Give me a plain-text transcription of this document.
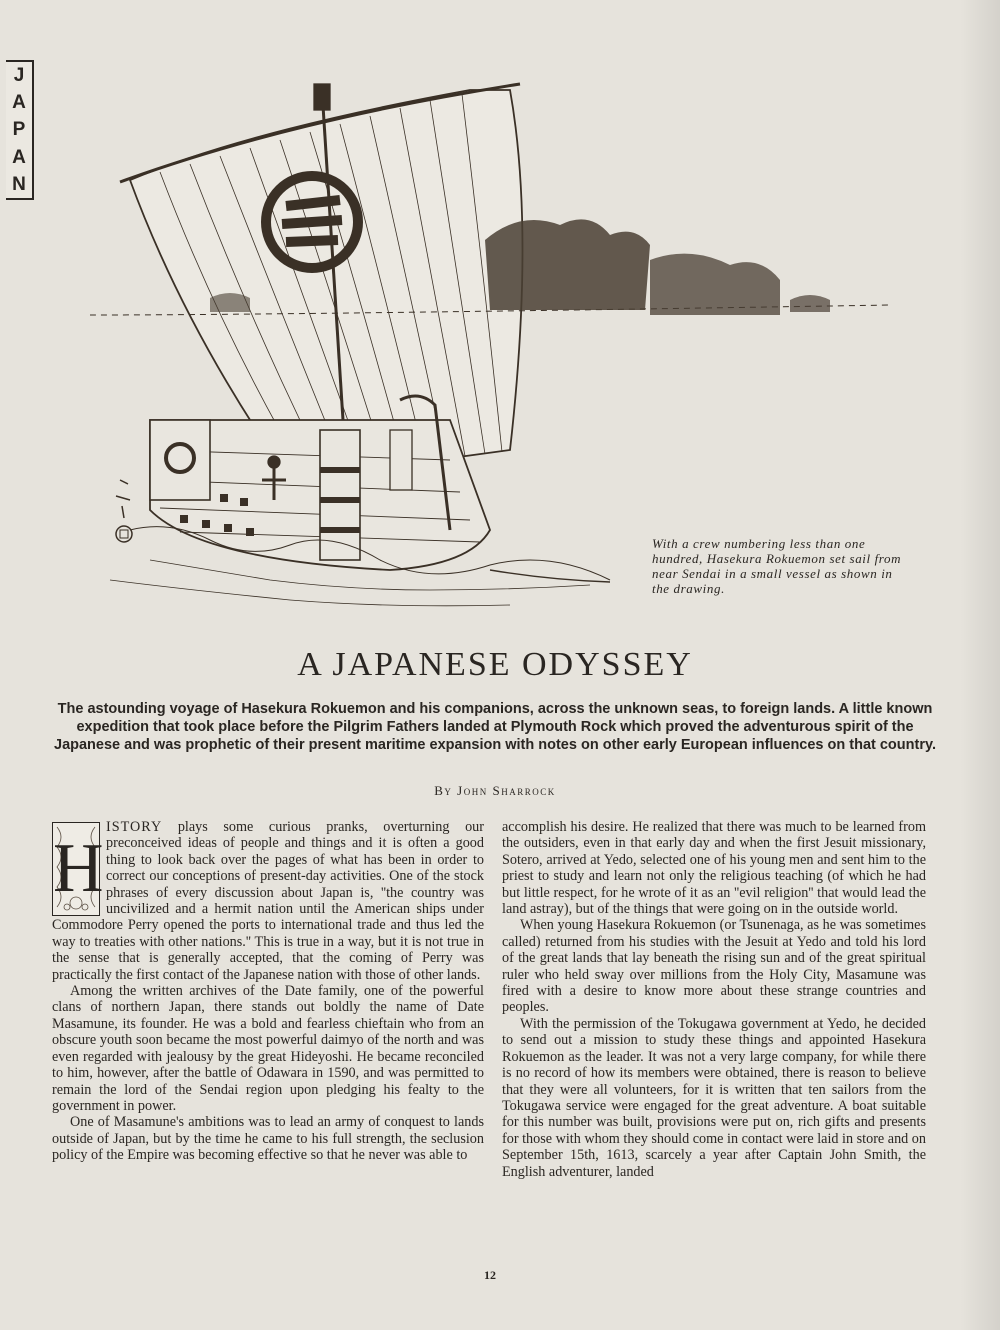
J
A
P
A
N
With a crew numbering less than one hundred, Hasekura Rokuemon set sail from near Sendai in a small vessel as shown in the drawing.
A JAPANESE ODYSSEY
The astounding voyage of Hasekura Rokuemon and his companions, across the unknown seas, to foreign lands. A little known expedition that took place before the Pilgrim Fathers landed at Plymouth Rock which proved the adventurous spirit of the Japanese and was prophetic of their present maritime expansion with notes on other early European influences on that country.
By John Sharrock
H

ISTORY plays some curious pranks, overturning our preconceived ideas of people and things and it is often a good thing to look back over the pages of what has been in order to correct our conceptions of present-day activities. One of the stock phrases of every discussion about Japan is, ''the country was uncivilized and a hermit nation until the American ships under Commodore Perry opened the ports to international trade and thus led the way to treaties with other nations.'' This is true in a way, but it is not true in the sense that is generally accepted, that the coming of Perry was practically the first contact of the Japanese nation with those of other lands.

Among the written archives of the Date family, one of the powerful clans of northern Japan, there stands out boldly the name of Date Masamune, its founder. He was a bold and fearless chieftain who from an obscure youth soon became the most powerful daimyo of the north and was even regarded with jealousy by the great Hideyoshi. He became reconciled to him, however, after the battle of Odawara in 1590, and was permitted to remain the lord of the Sendai region upon pledging his fealty to the government in power.

One of Masamune's ambitions was to lead an army of conquest to lands outside of Japan, but by the time he came to his full strength, the seclusion policy of the Empire was becoming effective so that he never was able to

accomplish his desire. He realized that there was much to be learned from the outsiders, even in that early day and when the first Jesuit missionary, Sotero, arrived at Yedo, selected one of his young men and sent him to the priest to study and learn not only the religious teaching (of which he had but little respect, for he wrote of it as an ''evil religion'' that would lead the land astray), but of the things that were going on in the outside world.

When young Hasekura Rokuemon (or Tsunenaga, as he was sometimes called) returned from his studies with the Jesuit at Yedo and told his lord of the great lands that lay beneath the rising sun and of the great spiritual ruler who held sway over millions from the Holy City, Masamune was fired with a desire to know more about these strange countries and peoples.

With the permission of the Tokugawa government at Yedo, he decided to send out a mission to study these things and appointed Hasekura Rokuemon as the leader. It was not a very large company, for while there is no record of how its members were obtained, there is reason to believe that they were all volunteers, for it is written that ten sailors from the Tokugawa service were engaged for the great adventure. A boat suitable for this number was built, provisions were put on, rich gifts and presents for those with whom they should come in contact were laid in store and on September 15th, 1613, scarcely a year after Captain John Smith, the English adventurer, landed

12
